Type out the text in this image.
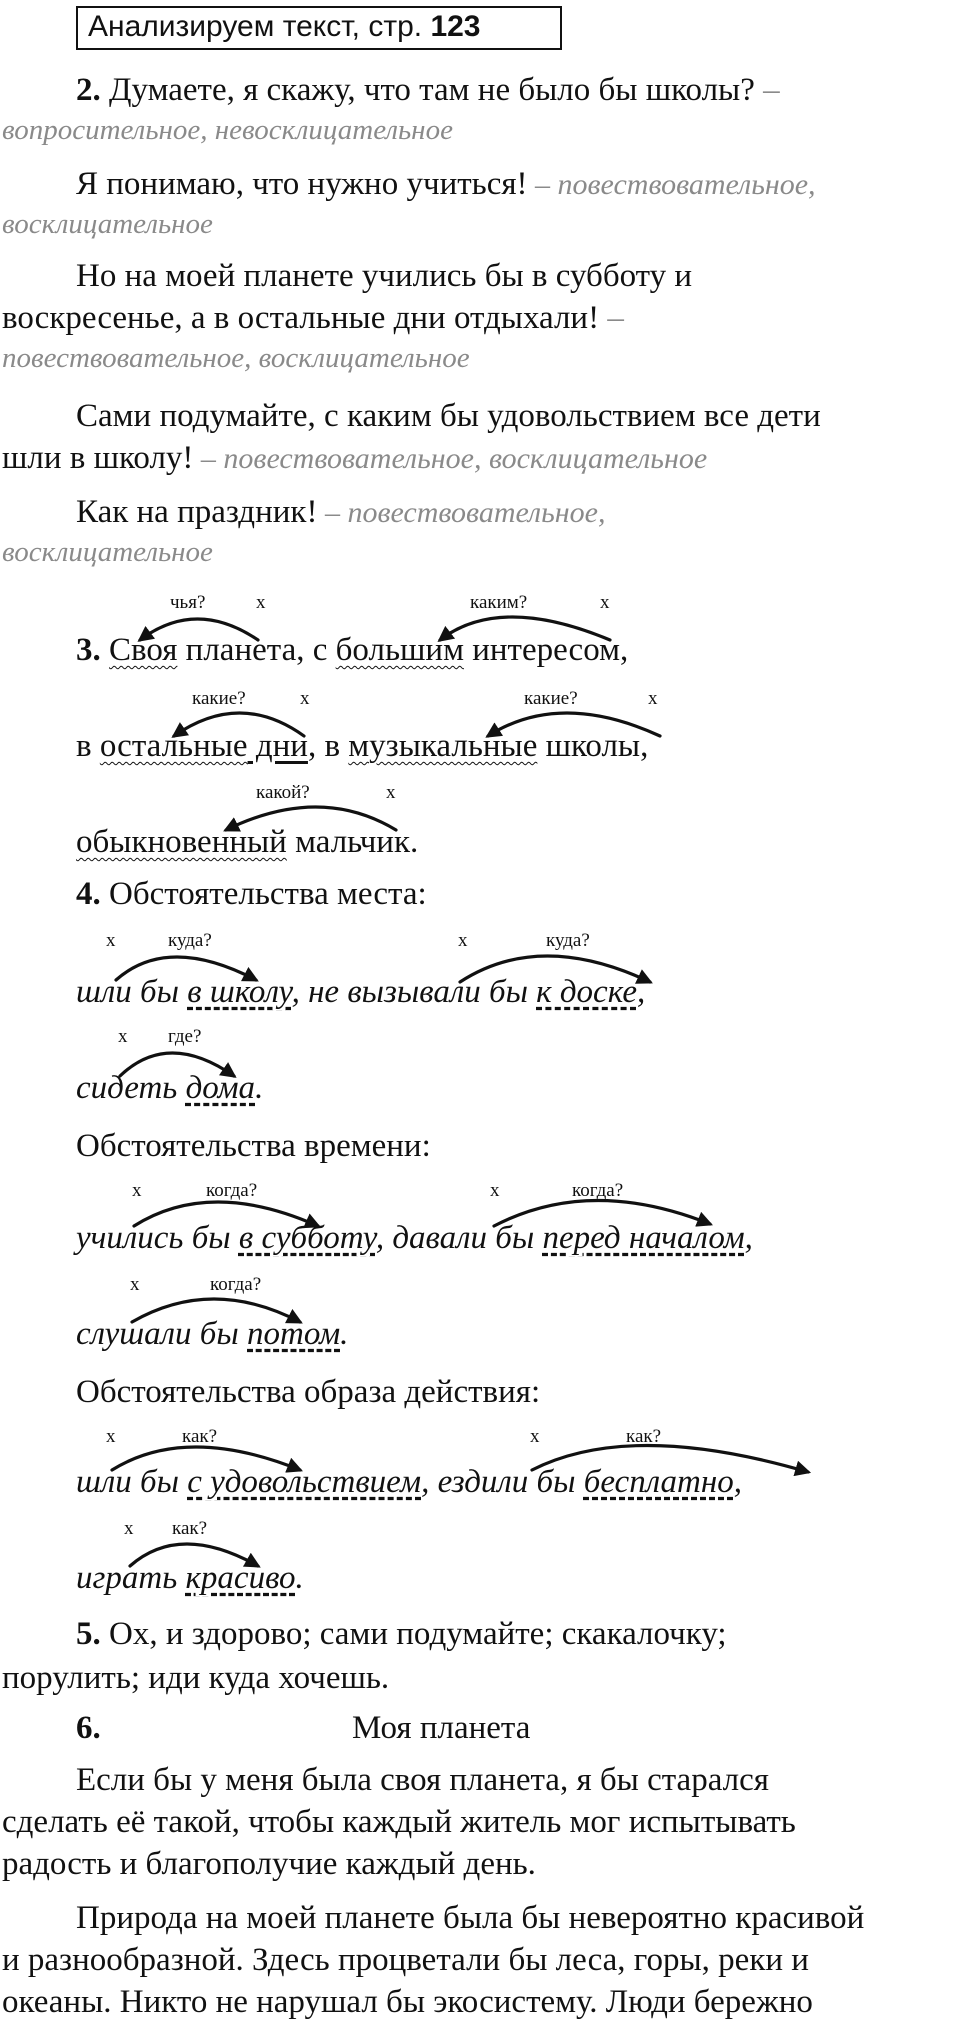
Анализируем текст, стр. 123
2. Думаете, я скажу, что там не было бы школы? –
вопросительное, невосклицательное
Я понимаю, что нужно учиться! – повествовательное,
восклицательное
Но на моей планете учились бы в субботу и
воскресенье, а в остальные дни отдыхали! –
повествовательное, восклицательное
Сами подумайте, с каким бы удовольствием все дети
шли в школу! – повествовательное, восклицательное
Как на праздник! – повествовательное,
восклицательное
чья?	x	каким?	x
3. Своя планета, с большим интересом,
какие?	x	какие?	x
в остальные дни, в музыкальные школы,
какой?	x
обыкновенный мальчик.
4. Обстоятельства места:
x	куда?	x	куда?
шли бы в школу, не вызывали бы к доске,
x где?
сидеть дома.
Обстоятельства времени:
x	когда?	x	когда?
учились бы в субботу, давали бы перед началом,
x	когда?
слушали бы потом.
Обстоятельства образа действия:
x	как?	x	как?
шли бы с удовольствием, ездили бы бесплатно,
x как?
играть красиво.
5. Ох, и здорово; сами подумайте; скакалочку;
порулить; иди куда хочешь.
6.	Моя планета
Если бы у меня была своя планета, я бы старался
сделать её такой, чтобы каждый житель мог испытывать
радость и благополучие каждый день.
Природа на моей планете была бы невероятно красивой
и разнообразной. Здесь процветали бы леса, горы, реки и
океаны. Никто не нарушал бы экосистему. Люди бережно
